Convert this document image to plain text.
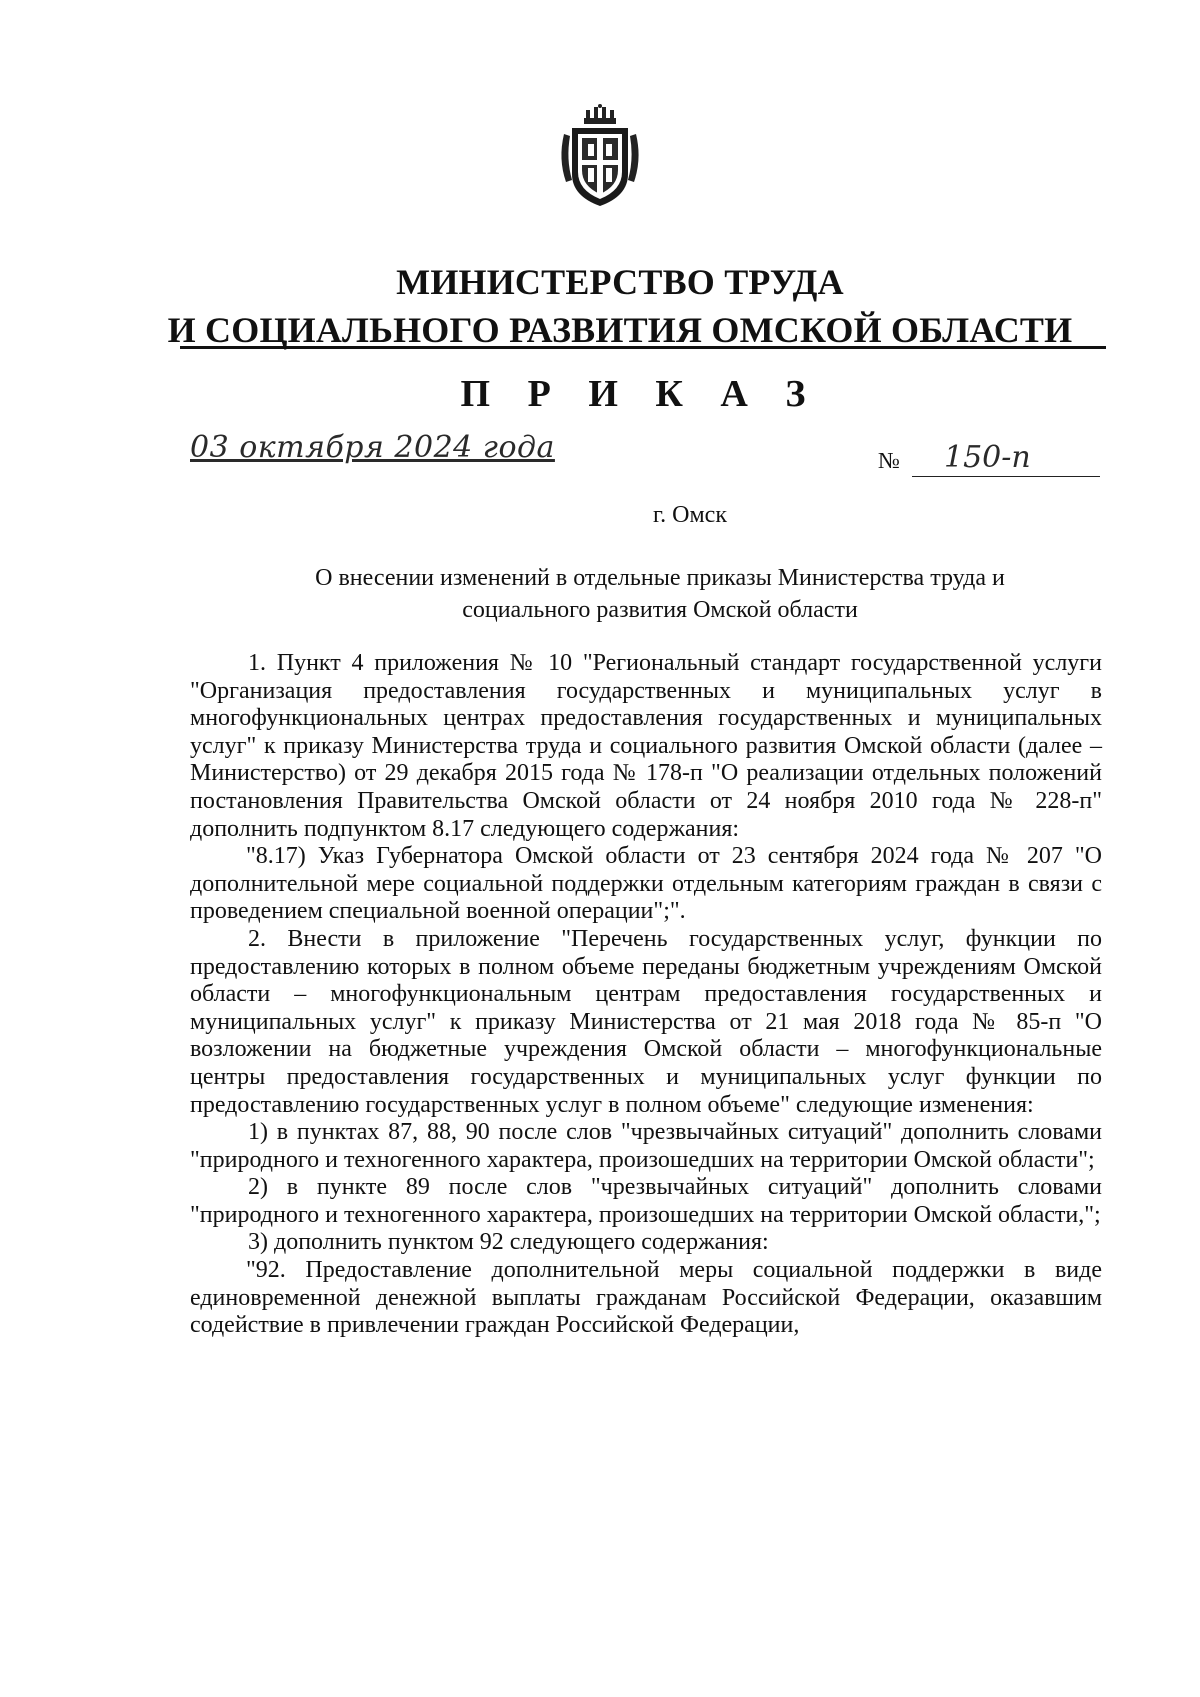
МИНИСТЕРСТВО ТРУДА
И СОЦИАЛЬНОГО РАЗВИТИЯ ОМСКОЙ ОБЛАСТИ
П Р И К А З
03 октября 2024 года	№ 150-п
г. Омск
О внесении изменений в отдельные приказы Министерства труда и социального развития Омской области

1. Пункт 4 приложения № 10 "Региональный стандарт государственной услуги "Организация предоставления государственных и муниципальных услуг в многофункциональных центрах предоставления государственных и муниципальных услуг" к приказу Министерства труда и социального развития Омской области (далее – Министерство) от 29 декабря 2015 года № 178-п "О реализации отдельных положений постановления Правительства Омской области от 24 ноября 2010 года № 228-п" дополнить подпунктом 8.17 следующего содержания:

"8.17) Указ Губернатора Омской области от 23 сентября 2024 года № 207 "О дополнительной мере социальной поддержки отдельным категориям граждан в связи с проведением специальной военной операции";".

2. Внести в приложение "Перечень государственных услуг, функции по предоставлению которых в полном объеме переданы бюджетным учреждениям Омской области – многофункциональным центрам предоставления государственных и муниципальных услуг" к приказу Министерства от 21 мая 2018 года № 85-п "О возложении на бюджетные учреждения Омской области – многофункциональные центры предоставления государственных и муниципальных услуг функции по предоставлению государственных услуг в полном объеме" следующие изменения:

1) в пунктах 87, 88, 90 после слов "чрезвычайных ситуаций" дополнить словами "природного и техногенного характера, произошедших на территории Омской области";

2) в пункте 89 после слов "чрезвычайных ситуаций" дополнить словами "природного и техногенного характера, произошедших на территории Омской области,";

3) дополнить пунктом 92 следующего содержания:

"92. Предоставление дополнительной меры социальной поддержки в виде единовременной денежной выплаты гражданам Российской Федерации, оказавшим содействие в привлечении граждан Российской Федерации,
